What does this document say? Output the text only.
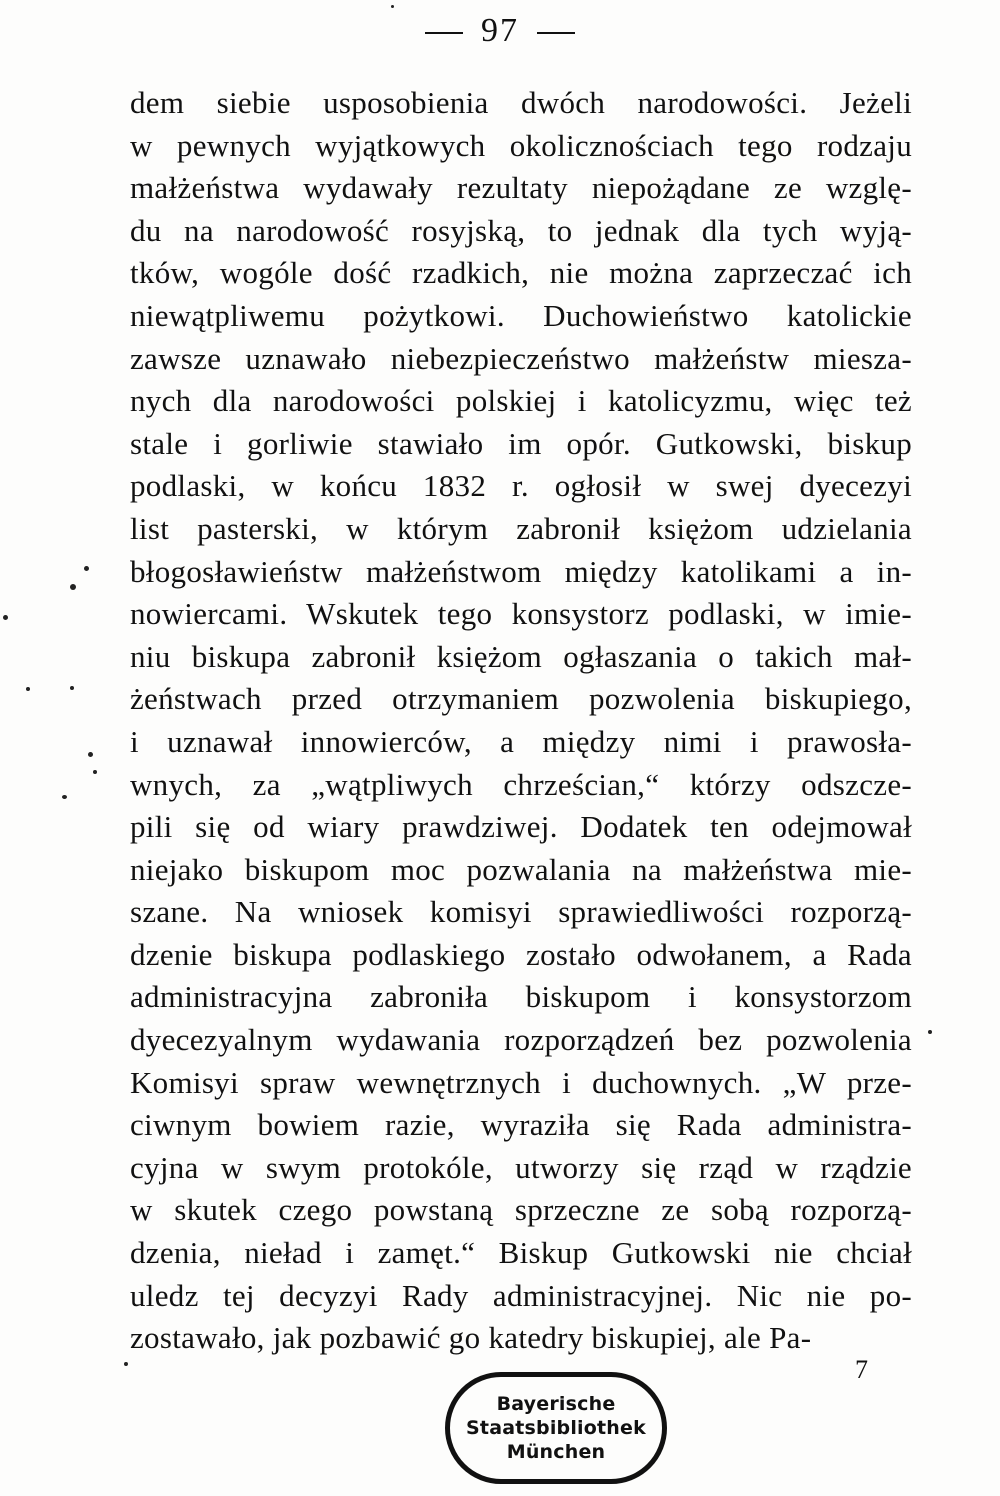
97
dem siebie usposobienia dwóch narodowości. Jeżeli
w pewnych wyjątkowych okolicznościach tego rodzaju
małżeństwa wydawały rezultaty niepożądane ze wzglę-
du na narodowość rosyjską, to jednak dla tych wyją-
tków, wogóle dość rzadkich, nie można zaprzeczać ich
niewątpliwemu pożytkowi. Duchowieństwo katolickie
zawsze uznawało niebezpieczeństwo małżeństw miesza-
nych dla narodowości polskiej i katolicyzmu, więc też
stale i gorliwie stawiało im opór. Gutkowski, biskup
podlaski, w końcu 1832 r. ogłosił w swej dyecezyi
list pasterski, w którym zabronił księżom udzielania
błogosławieństw małżeństwom między katolikami a in-
nowiercami. Wskutek tego konsystorz podlaski, w imie-
niu biskupa zabronił księżom ogłaszania o takich mał-
żeństwach przed otrzymaniem pozwolenia biskupiego,
i uznawał innowierców, a między nimi i prawosła-
wnych, za „wątpliwych chrześcian,“ którzy odszcze-
pili się od wiary prawdziwej. Dodatek ten odejmował
niejako biskupom moc pozwalania na małżeństwa mie-
szane. Na wniosek komisyi sprawiedliwości rozporzą-
dzenie biskupa podlaskiego zostało odwołanem, a Rada
administracyjna zabroniła biskupom i konsystorzom
dyecezyalnym wydawania rozporządzeń bez pozwolenia
Komisyi spraw wewnętrznych i duchownych. „W prze-
ciwnym bowiem razie, wyraziła się Rada administra-
cyjna w swym protokóle, utworzy się rząd w rządzie
w skutek czego powstaną sprzeczne ze sobą rozporzą-
dzenia, nieład i zamęt.“ Biskup Gutkowski nie chciał
uledz tej decyzyi Rady administracyjnej. Nic nie po-
zostawało, jak pozbawić go katedry biskupiej, ale Pa-
7
Bayerische
Staatsbibliothek
München
